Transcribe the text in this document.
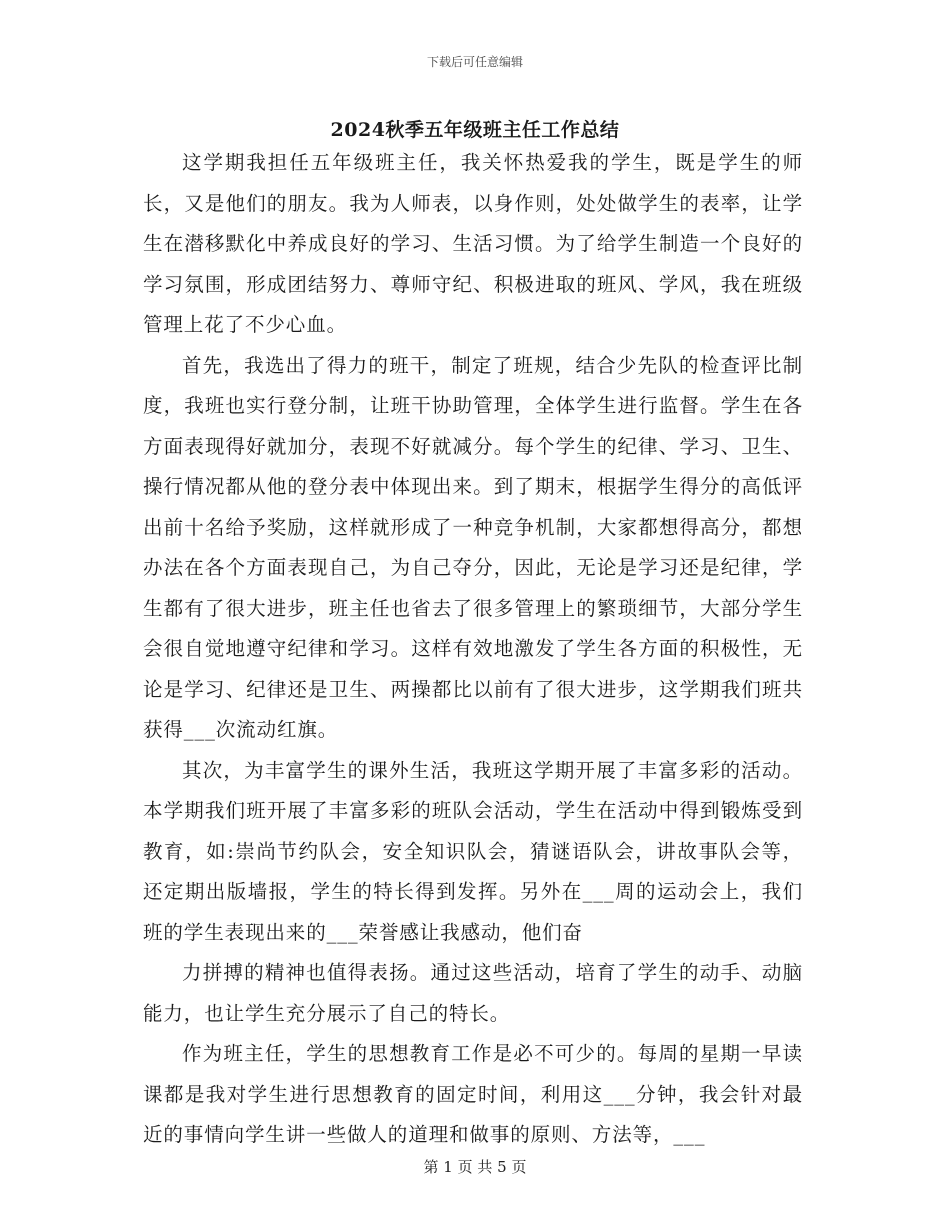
下载后可任意编辑
2024秋季五年级班主任工作总结

这学期我担任五年级班主任，我关怀热爱我的学生，既是学生的师长，又是他们的朋友。我为人师表，以身作则，处处做学生的表率，让学生在潜移默化中养成良好的学习、生活习惯。为了给学生制造一个良好的学习氛围，形成团结努力、尊师守纪、积极进取的班风、学风，我在班级管理上花了不少心血。

首先，我选出了得力的班干，制定了班规，结合少先队的检查评比制度，我班也实行登分制，让班干协助管理，全体学生进行监督。学生在各方面表现得好就加分，表现不好就减分。每个学生的纪律、学习、卫生、操行情况都从他的登分表中体现出来。到了期末，根据学生得分的高低评出前十名给予奖励，这样就形成了一种竞争机制，大家都想得高分，都想办法在各个方面表现自己，为自己夺分，因此，无论是学习还是纪律，学生都有了很大进步，班主任也省去了很多管理上的繁琐细节，大部分学生会很自觉地遵守纪律和学习。这样有效地激发了学生各方面的积极性，无论是学习、纪律还是卫生、两操都比以前有了很大进步，这学期我们班共获得___次流动红旗。

其次，为丰富学生的课外生活，我班这学期开展了丰富多彩的活动。本学期我们班开展了丰富多彩的班队会活动，学生在活动中得到锻炼受到教育，如:崇尚节约队会，安全知识队会，猜谜语队会，讲故事队会等，还定期出版墙报，学生的特长得到发挥。另外在___周的运动会上，我们班的学生表现出来的___荣誉感让我感动，他们奋

力拼搏的精神也值得表扬。通过这些活动，培育了学生的动手、动脑能力，也让学生充分展示了自己的特长。

作为班主任，学生的思想教育工作是必不可少的。每周的星期一早读课都是我对学生进行思想教育的固定时间，利用这___分钟，我会针对最近的事情向学生讲一些做人的道理和做事的原则、方法等，___

第 1 页 共 5 页
